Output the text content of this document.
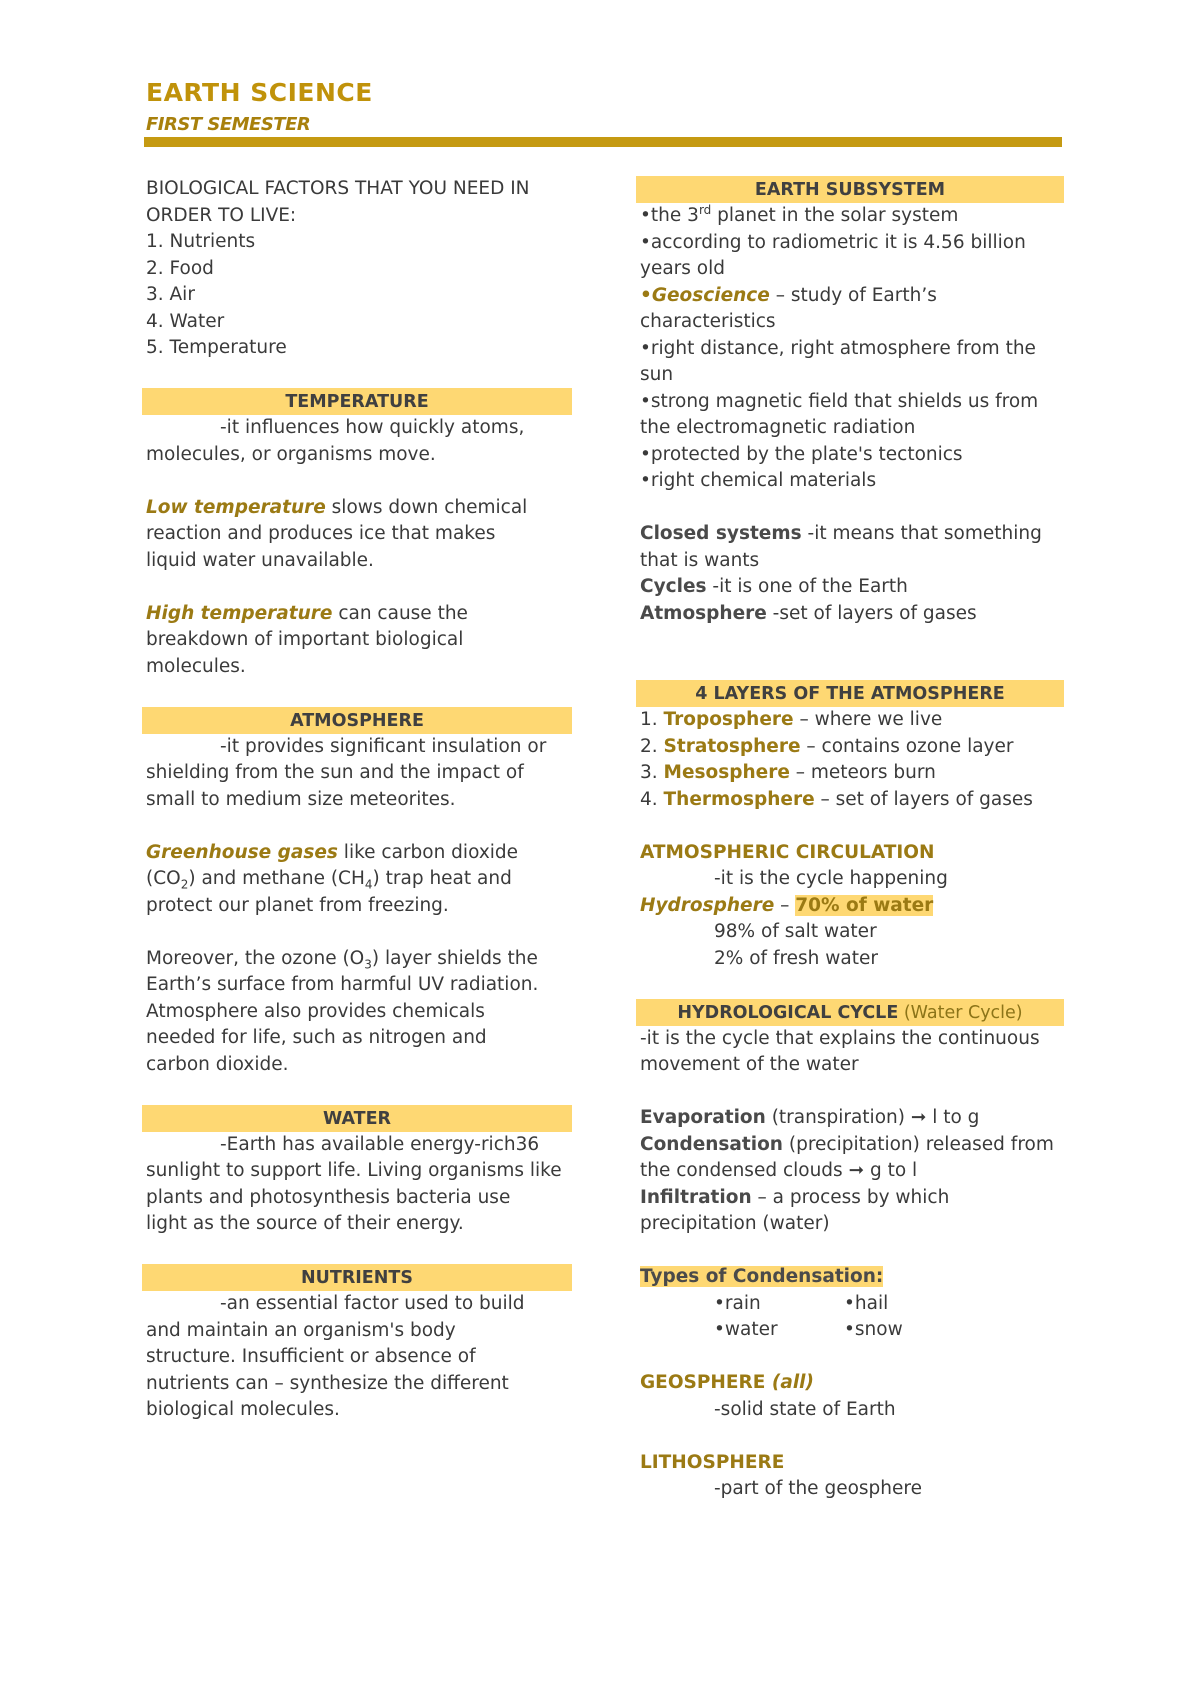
EARTH SCIENCE
FIRST SEMESTER

BIOLOGICAL FACTORS THAT YOU NEED IN
ORDER TO LIVE:

1. Nutrients

2. Food

3. Air

4. Water

5. Temperature

TEMPERATURE

-it influences how quickly atoms,

molecules, or organisms move.

Low temperature slows down chemical
reaction and produces ice that makes
liquid water unavailable.

High temperature can cause the
breakdown of important biological
molecules.

ATMOSPHERE

-it provides significant insulation or

shielding from the sun and the impact of
small to medium size meteorites.

Greenhouse gases like carbon dioxide
$(CO_2)$ and methane $(CH_4)$ trap heat and
protect our planet from freezing.

Moreover, the ozone $(O_3)$ layer shields the
Earth’s surface from harmful UV radiation.
Atmosphere also provides chemicals
needed for life, such as nitrogen and
carbon dioxide.

WATER

-Earth has available energy-rich36

sunlight to support life. Living organisms like
plants and photosynthesis bacteria use
light as the source of their energy.

NUTRIENTS

-an essential factor used to build

and maintain an organism's body
structure. Insufficient or absence of
nutrients can – synthesize the different
biological molecules.

EARTH SUBSYSTEM

•the 3rd planet in the solar system

•according to radiometric it is 4.56 billion
years old

•Geoscience – study of Earth’s
characteristics

•right distance, right atmosphere from the
sun

•strong magnetic field that shields us from
the electromagnetic radiation

•protected by the plate's tectonics

•right chemical materials

Closed systems -it means that something
that is wants

Cycles -it is one of the Earth

Atmosphere -set of layers of gases

4 LAYERS OF THE ATMOSPHERE

1. Troposphere – where we live

2. Stratosphere – contains ozone layer

3. Mesosphere – meteors burn

4. Thermosphere – set of layers of gases

ATMOSPHERIC CIRCULATION

-it is the cycle happening

Hydrosphere – 70% of water

98% of salt water

2% of fresh water

HYDROLOGICAL CYCLE (Water Cycle)

-it is the cycle that explains the continuous
movement of the water

Evaporation (transpiration) ➞ l to g

Condensation (precipitation) released from
the condensed clouds ➞ g to l

Infiltration – a process by which
precipitation (water)

Types of Condensation:

•rain	•hail
•water	•snow

GEOSPHERE (all)

-solid state of Earth

LITHOSPHERE

-part of the geosphere
